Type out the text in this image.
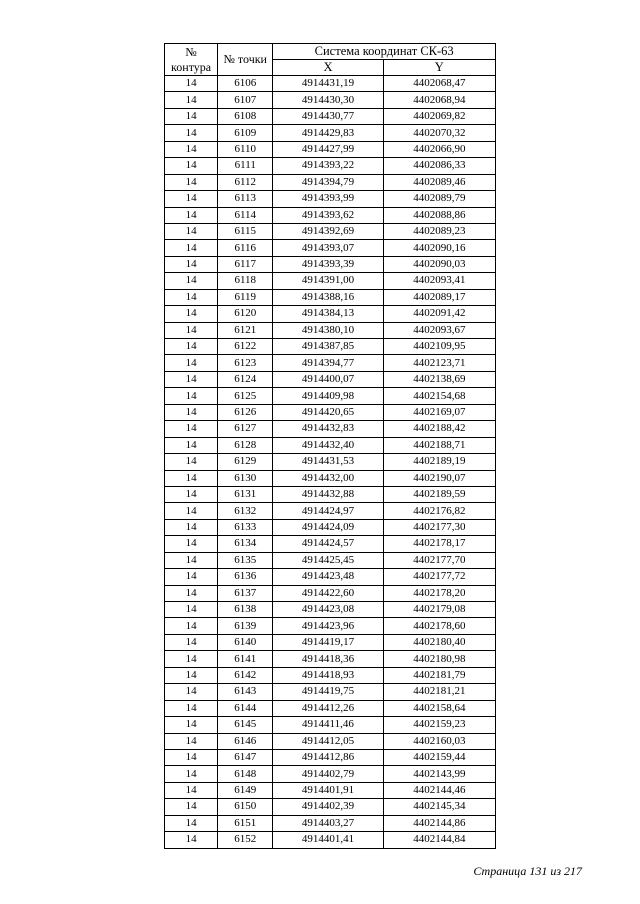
№ контура	№ точки	Система координат СК-63	
		X	Y
14	6106	4914431,19	4402068,47
14	6107	4914430,30	4402068,94
14	6108	4914430,77	4402069,82
14	6109	4914429,83	4402070,32
14	6110	4914427,99	4402066,90
14	6111	4914393,22	4402086,33
14	6112	4914394,79	4402089,46
14	6113	4914393,99	4402089,79
14	6114	4914393,62	4402088,86
14	6115	4914392,69	4402089,23
14	6116	4914393,07	4402090,16
14	6117	4914393,39	4402090,03
14	6118	4914391,00	4402093,41
14	6119	4914388,16	4402089,17
14	6120	4914384,13	4402091,42
14	6121	4914380,10	4402093,67
14	6122	4914387,85	4402109,95
14	6123	4914394,77	4402123,71
14	6124	4914400,07	4402138,69
14	6125	4914409,98	4402154,68
14	6126	4914420,65	4402169,07
14	6127	4914432,83	4402188,42
14	6128	4914432,40	4402188,71
14	6129	4914431,53	4402189,19
14	6130	4914432,00	4402190,07
14	6131	4914432,88	4402189,59
14	6132	4914424,97	4402176,82
14	6133	4914424,09	4402177,30
14	6134	4914424,57	4402178,17
14	6135	4914425,45	4402177,70
14	6136	4914423,48	4402177,72
14	6137	4914422,60	4402178,20
14	6138	4914423,08	4402179,08
14	6139	4914423,96	4402178,60
14	6140	4914419,17	4402180,40
14	6141	4914418,36	4402180,98
14	6142	4914418,93	4402181,79
14	6143	4914419,75	4402181,21
14	6144	4914412,26	4402158,64
14	6145	4914411,46	4402159,23
14	6146	4914412,05	4402160,03
14	6147	4914412,86	4402159,44
14	6148	4914402,79	4402143,99
14	6149	4914401,91	4402144,46
14	6150	4914402,39	4402145,34
14	6151	4914403,27	4402144,86
14	6152	4914401,41	4402144,84
Страница 131 из 217
